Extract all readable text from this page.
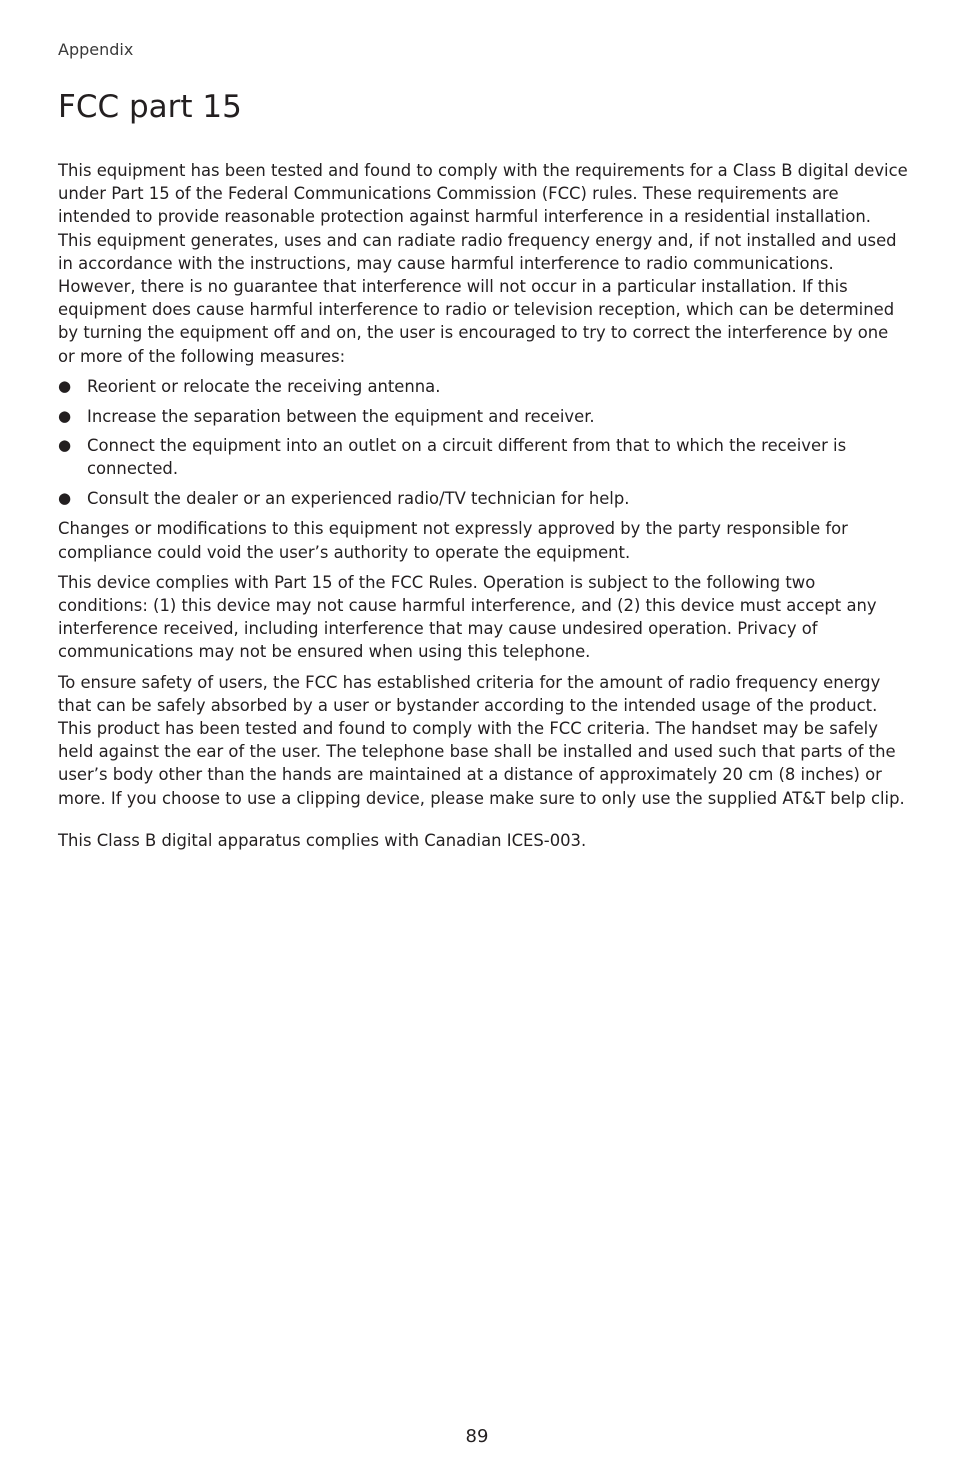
Appendix
FCC part 15

This equipment has been tested and found to comply with the requirements for a Class B digital device under Part 15 of the Federal Communications Commission (FCC) rules. These requirements are intended to provide reasonable protection against harmful interference in a residential installation. This equipment generates, uses and can radiate radio frequency energy and, if not installed and used in accordance with the instructions, may cause harmful interference to radio communications. However, there is no guarantee that interference will not occur in a particular installation. If this equipment does cause harmful interference to radio or television reception, which can be determined by turning the equipment off and on, the user is encouraged to try to correct the interference by one or more of the following measures:

● Reorient or relocate the receiving antenna.
● Increase the separation between the equipment and receiver.
● Connect the equipment into an outlet on a circuit different from that to which the receiver is connected.
● Consult the dealer or an experienced radio/TV technician for help.

Changes or modifications to this equipment not expressly approved by the party responsible for compliance could void the user’s authority to operate the equipment.

This device complies with Part 15 of the FCC Rules. Operation is subject to the following two conditions: (1) this device may not cause harmful interference, and (2) this device must accept any interference received, including interference that may cause undesired operation. Privacy of communications may not be ensured when using this telephone.

To ensure safety of users, the FCC has established criteria for the amount of radio frequency energy that can be safely absorbed by a user or bystander according to the intended usage of the product. This product has been tested and found to comply with the FCC criteria. The handset may be safely held against the ear of the user. The telephone base shall be installed and used such that parts of the user’s body other than the hands are maintained at a distance of approximately 20 cm (8 inches) or more. If you choose to use a clipping device, please make sure to only use the supplied AT&T belp clip.

This Class B digital apparatus complies with Canadian ICES-003.

89
